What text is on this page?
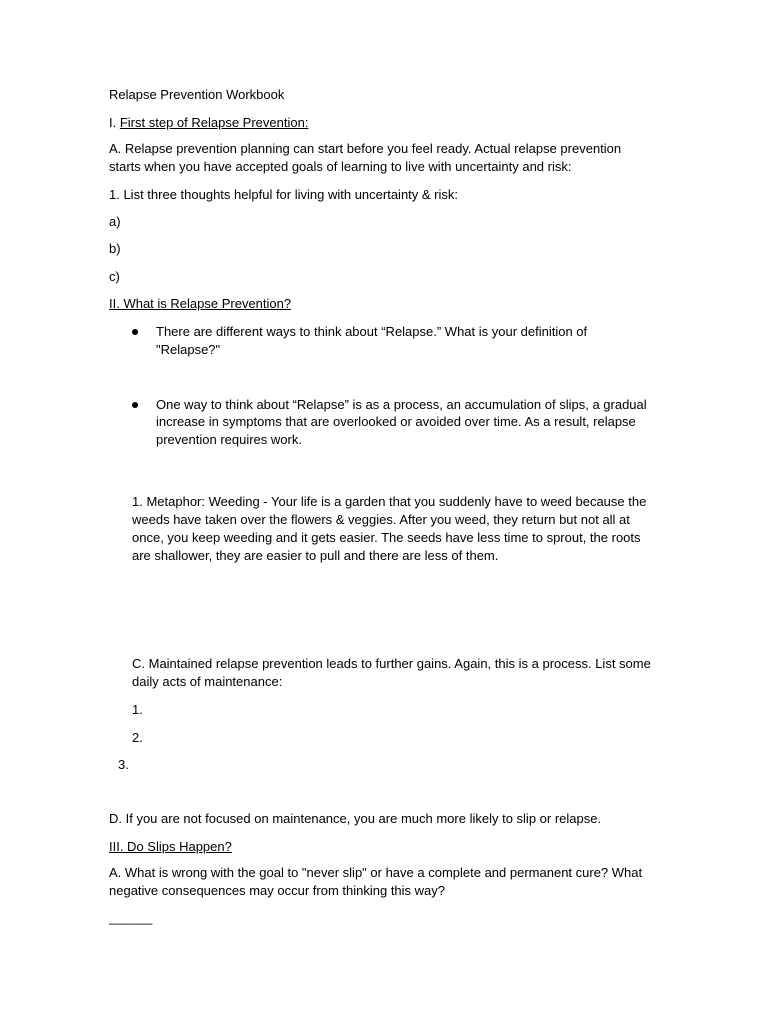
Relapse Prevention Workbook

I. First step of Relapse Prevention:

A. Relapse prevention planning can start before you feel ready. Actual relapse prevention

starts when you have accepted goals of learning to live with uncertainty and risk:

1. List three thoughts helpful for living with uncertainty & risk:

a)

b)

c)

II. What is Relapse Prevention?

There are different ways to think about “Relapse.” What is your definition of

"Relapse?"

One way to think about “Relapse” is as a process, an accumulation of slips, a gradual

increase in symptoms that are overlooked or avoided over time. As a result, relapse

prevention requires work.

1. Metaphor: Weeding - Your life is a garden that you suddenly have to weed because the

weeds have taken over the flowers & veggies. After you weed, they return but not all at

once, you keep weeding and it gets easier. The seeds have less time to sprout, the roots

are shallower, they are easier to pull and there are less of them.

C. Maintained relapse prevention leads to further gains. Again, this is a process. List some

daily acts of maintenance:

1.

2.

3.

D. If you are not focused on maintenance, you are much more likely to slip or relapse.

III. Do Slips Happen?

A. What is wrong with the goal to "never slip" or have a complete and permanent cure? What

negative consequences may occur from thinking this way?

______
